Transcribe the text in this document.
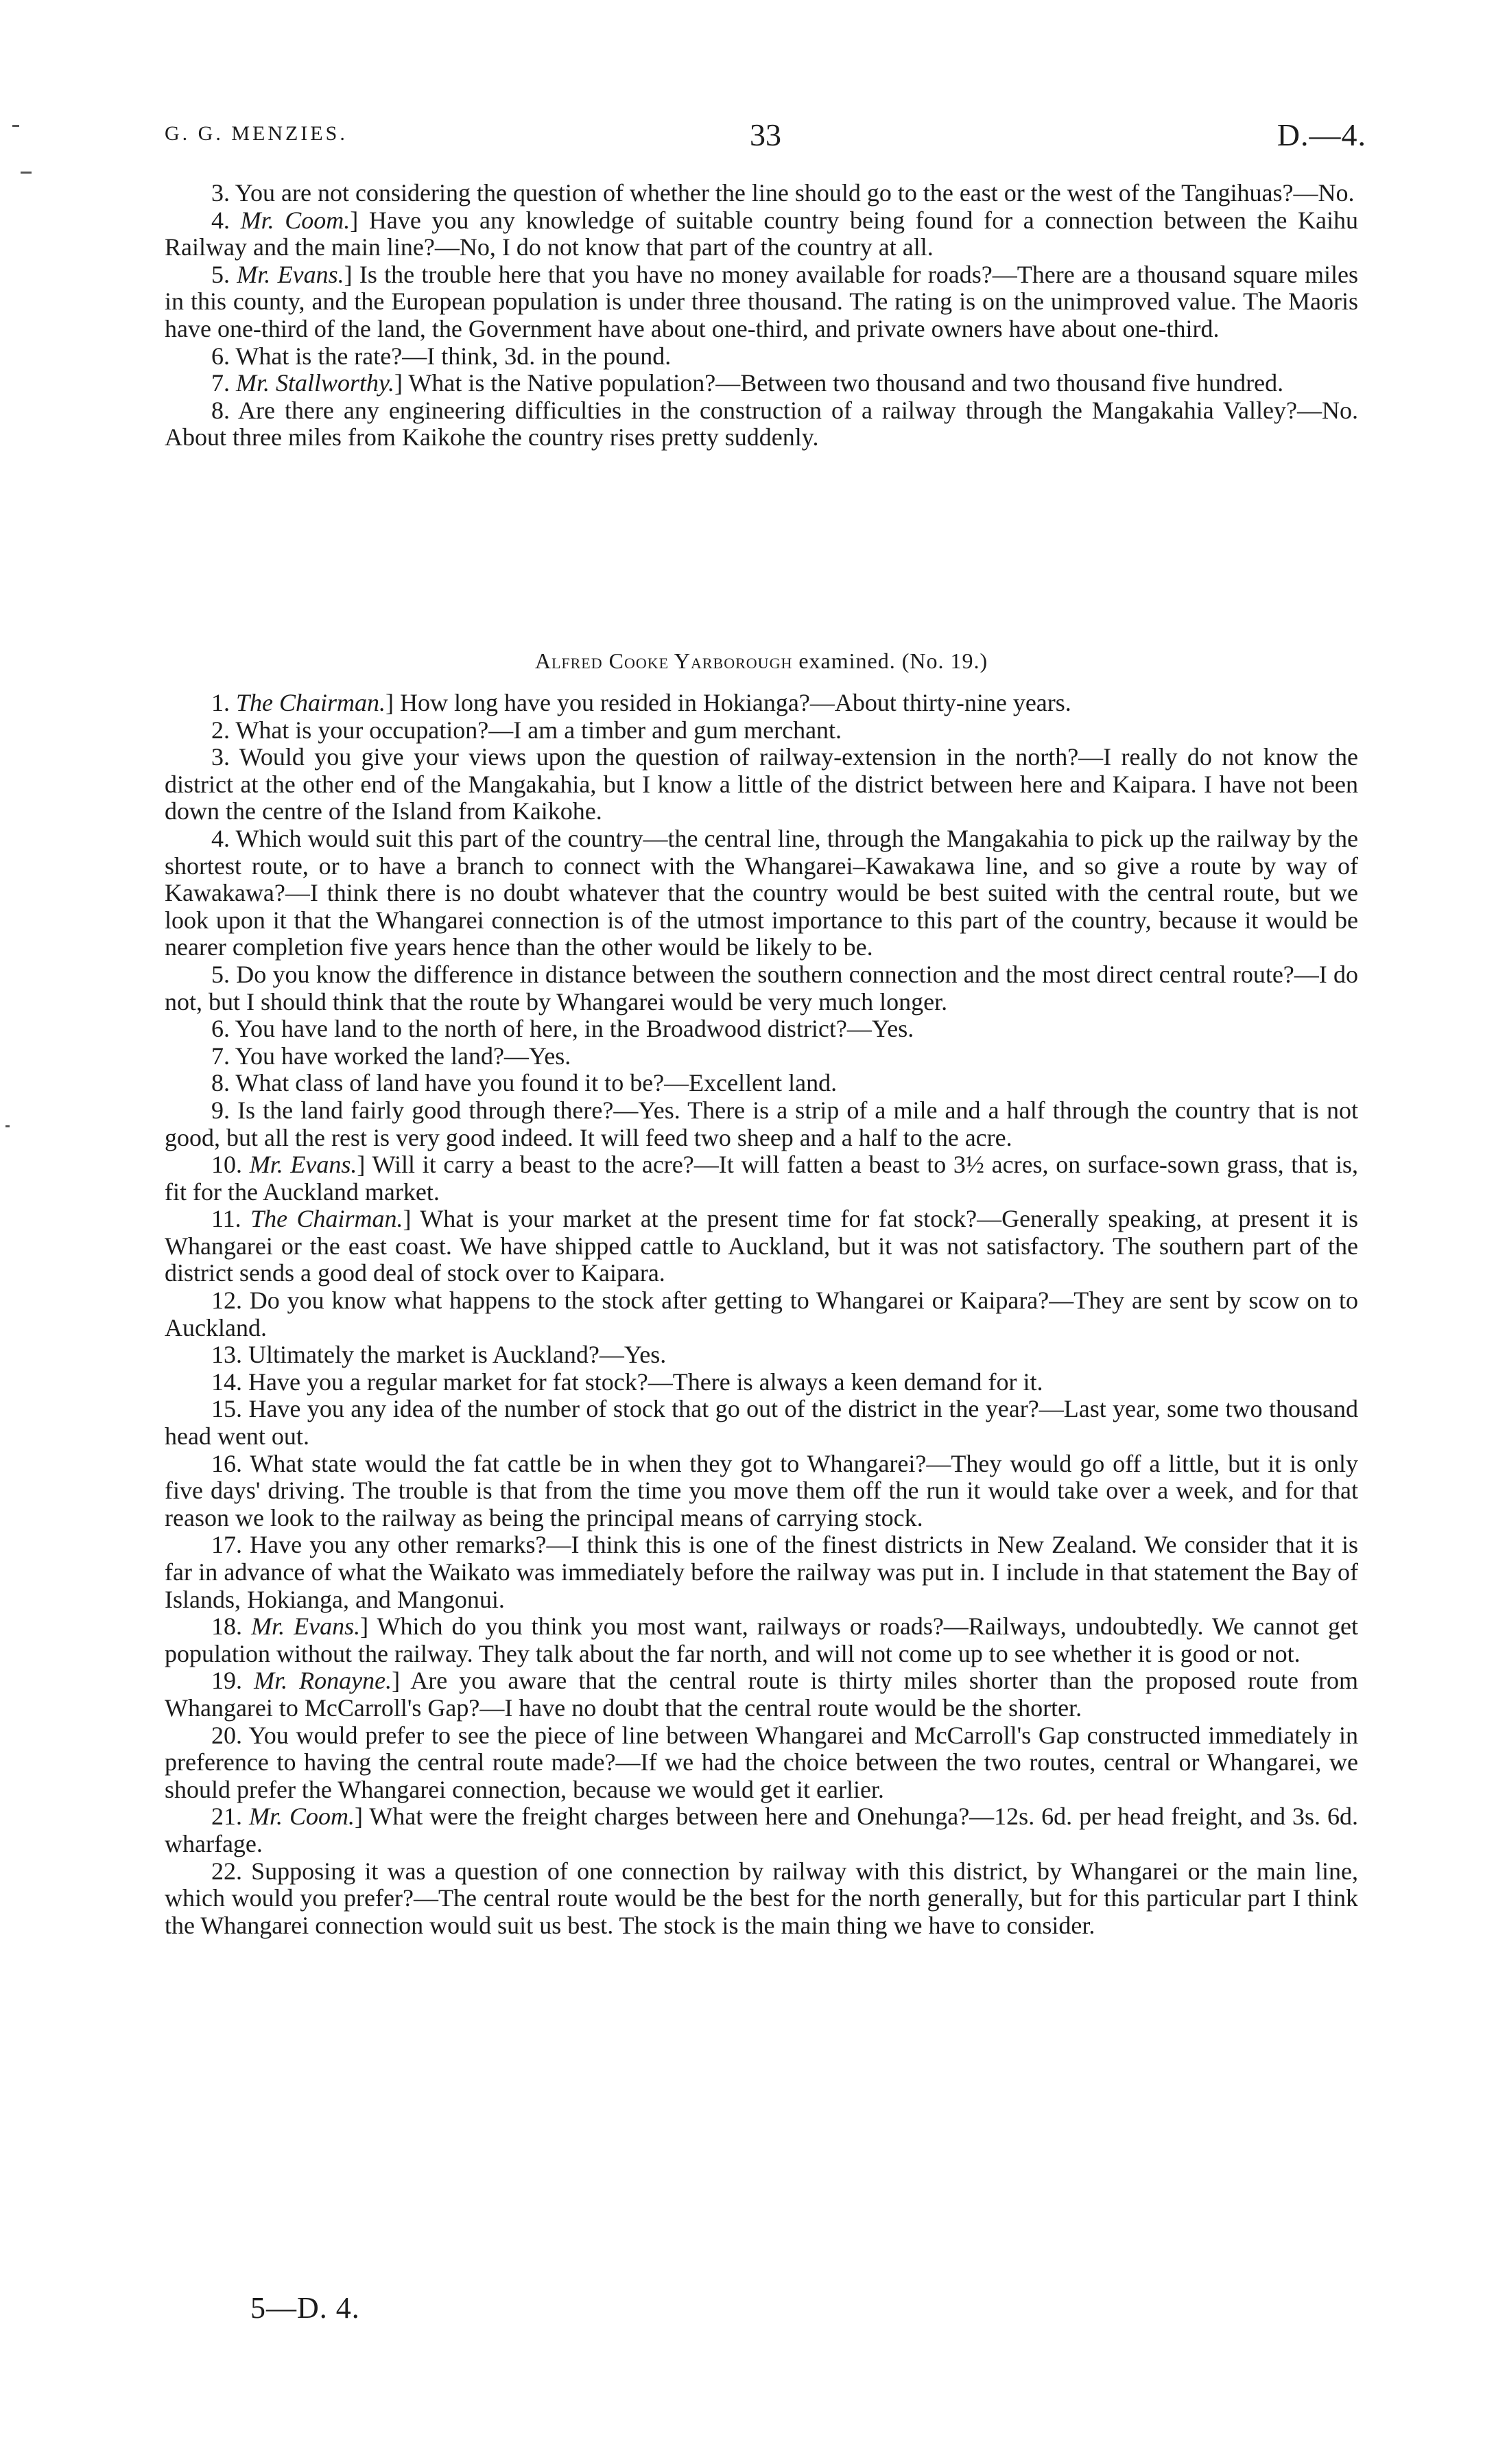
G. G. MENZIES.	33	D.—4.

3. You are not considering the question of whether the line should go to the east or the west of the Tangihuas?—No.

4. Mr. Coom.] Have you any knowledge of suitable country being found for a connection between the Kaihu Railway and the main line?—No, I do not know that part of the country at all.

5. Mr. Evans.] Is the trouble here that you have no money available for roads?—There are a thousand square miles in this county, and the European population is under three thousand. The rating is on the unimproved value. The Maoris have one-third of the land, the Government have about one-third, and private owners have about one-third.

6. What is the rate?—I think, 3d. in the pound.

7. Mr. Stallworthy.] What is the Native population?—Between two thousand and two thousand five hundred.

8. Are there any engineering difficulties in the construction of a railway through the Mangakahia Valley?—No. About three miles from Kaikohe the country rises pretty suddenly.

Alfred Cooke Yarborough examined. (No. 19.)

1. The Chairman.] How long have you resided in Hokianga?—About thirty-nine years.

2. What is your occupation?—I am a timber and gum merchant.

3. Would you give your views upon the question of railway-extension in the north?—I really do not know the district at the other end of the Mangakahia, but I know a little of the district between here and Kaipara. I have not been down the centre of the Island from Kaikohe.

4. Which would suit this part of the country—the central line, through the Mangakahia to pick up the railway by the shortest route, or to have a branch to connect with the Whangarei–Kawakawa line, and so give a route by way of Kawakawa?—I think there is no doubt whatever that the country would be best suited with the central route, but we look upon it that the Whangarei connection is of the utmost importance to this part of the country, because it would be nearer completion five years hence than the other would be likely to be.

5. Do you know the difference in distance between the southern connection and the most direct central route?—I do not, but I should think that the route by Whangarei would be very much longer.

6. You have land to the north of here, in the Broadwood district?—Yes.

7. You have worked the land?—Yes.

8. What class of land have you found it to be?—Excellent land.

9. Is the land fairly good through there?—Yes. There is a strip of a mile and a half through the country that is not good, but all the rest is very good indeed. It will feed two sheep and a half to the acre.

10. Mr. Evans.] Will it carry a beast to the acre?—It will fatten a beast to 3½ acres, on surface-sown grass, that is, fit for the Auckland market.

11. The Chairman.] What is your market at the present time for fat stock?—Generally speaking, at present it is Whangarei or the east coast. We have shipped cattle to Auckland, but it was not satisfactory. The southern part of the district sends a good deal of stock over to Kaipara.

12. Do you know what happens to the stock after getting to Whangarei or Kaipara?—They are sent by scow on to Auckland.

13. Ultimately the market is Auckland?—Yes.

14. Have you a regular market for fat stock?—There is always a keen demand for it.

15. Have you any idea of the number of stock that go out of the district in the year?—Last year, some two thousand head went out.

16. What state would the fat cattle be in when they got to Whangarei?—They would go off a little, but it is only five days' driving. The trouble is that from the time you move them off the run it would take over a week, and for that reason we look to the railway as being the principal means of carrying stock.

17. Have you any other remarks?—I think this is one of the finest districts in New Zealand. We consider that it is far in advance of what the Waikato was immediately before the railway was put in. I include in that statement the Bay of Islands, Hokianga, and Mangonui.

18. Mr. Evans.] Which do you think you most want, railways or roads?—Railways, undoubtedly. We cannot get population without the railway. They talk about the far north, and will not come up to see whether it is good or not.

19. Mr. Ronayne.] Are you aware that the central route is thirty miles shorter than the proposed route from Whangarei to McCarroll's Gap?—I have no doubt that the central route would be the shorter.

20. You would prefer to see the piece of line between Whangarei and McCarroll's Gap constructed immediately in preference to having the central route made?—If we had the choice between the two routes, central or Whangarei, we should prefer the Whangarei connection, because we would get it earlier.

21. Mr. Coom.] What were the freight charges between here and Onehunga?—12s. 6d. per head freight, and 3s. 6d. wharfage.

22. Supposing it was a question of one connection by railway with this district, by Whangarei or the main line, which would you prefer?—The central route would be the best for the north generally, but for this particular part I think the Whangarei connection would suit us best. The stock is the main thing we have to consider.

5—D. 4.
